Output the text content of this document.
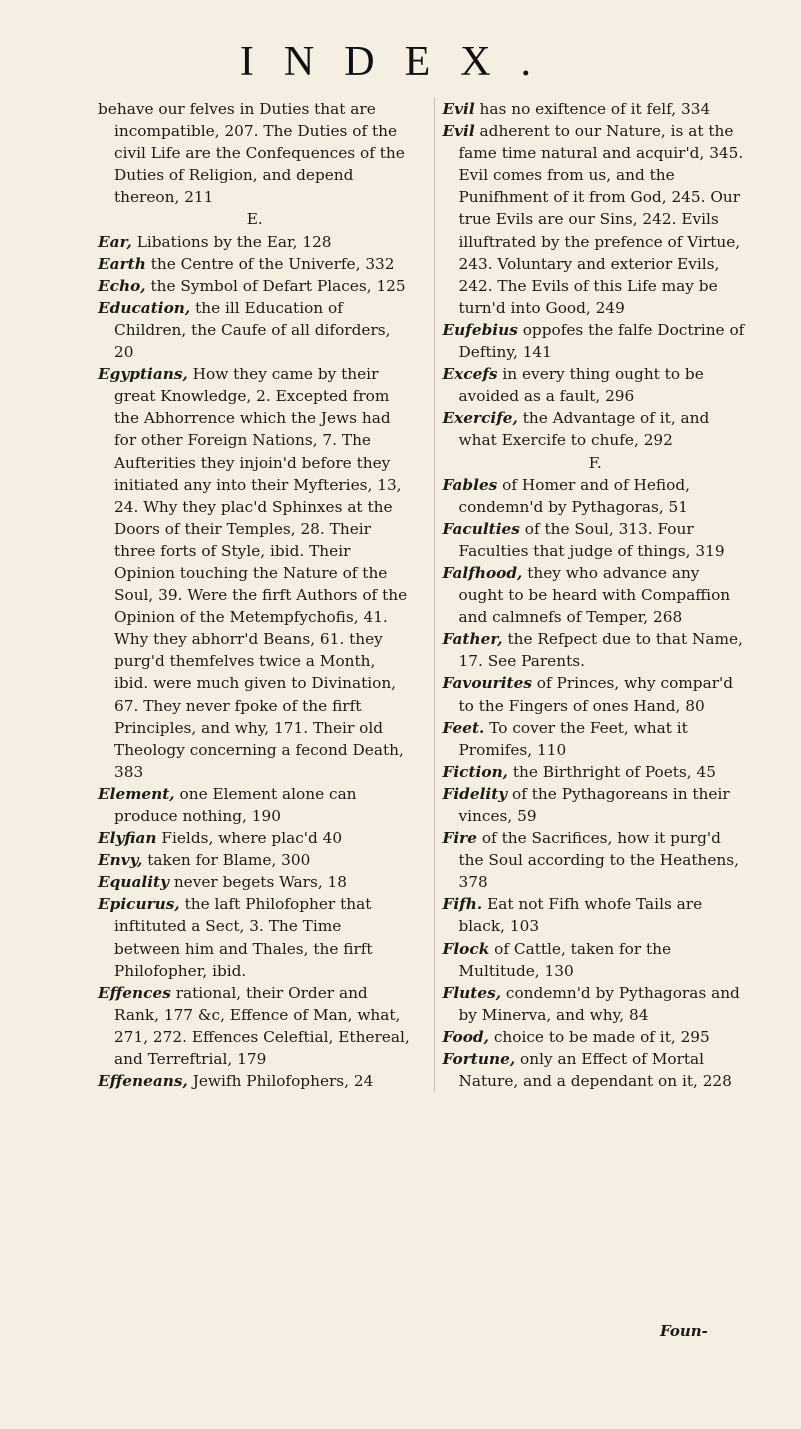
INDEX.

behave our felves in Duties that are incompatible, 207. The Duties of the civil Life are the Confequences of the Duties of Religion, and depend thereon, 211

E.

Ear, Libations by the Ear, 128

Earth the Centre of the Univerfe, 332

Echo, the Symbol of Defart Places, 125

Education, the ill Education of Children, the Caufe of all diforders, 20

Egyptians, How they came by their great Knowledge, 2. Excepted from the Abhorrence which the Jews had for other Foreign Nations, 7. The Aufterities they injoin'd before they initiated any into their Myfteries, 13, 24. Why they plac'd Sphinxes at the Doors of their Temples, 28. Their three forts of Style, ibid. Their Opinion touching the Nature of the Soul, 39. Were the firft Authors of the Opinion of the Metempfychofis, 41. Why they abhorr'd Beans, 61. they purg'd themfelves twice a Month, ibid. were much given to Divination, 67. They never fpoke of the firft Principles, and why, 171. Their old Theology concerning a fecond Death, 383

Element, one Element alone can produce nothing, 190

Elyfian Fields, where plac'd 40

Envy, taken for Blame, 300

Equality never begets Wars, 18

Epicurus, the laft Philofopher that inftituted a Sect, 3. The Time between him and Thales, the firft Philofopher, ibid.

Effences rational, their Order and Rank, 177 &c, Effence of Man, what, 271, 272. Effences Celeftial, Ethereal, and Terreftrial, 179

Effeneans, Jewifh Philofophers, 24

Evil has no exiftence of it felf, 334

Evil adherent to our Nature, is at the fame time natural and acquir'd, 345. Evil comes from us, and the Punifhment of it from God, 245. Our true Evils are our Sins, 242. Evils illuftrated by the prefence of Virtue, 243. Voluntary and exterior Evils, 242. The Evils of this Life may be turn'd into Good, 249

Eufebius oppofes the falfe Doctrine of Deftiny, 141

Excefs in every thing ought to be avoided as a fault, 296

Exercife, the Advantage of it, and what Exercife to chufe, 292

F.

Fables of Homer and of Hefiod, condemn'd by Pythagoras, 51

Faculties of the Soul, 313. Four Faculties that judge of things, 319

Falfhood, they who advance any ought to be heard with Compaffion and calmnefs of Temper, 268

Father, the Refpect due to that Name, 17. See Parents.

Favourites of Princes, why compar'd to the Fingers of ones Hand, 80

Feet. To cover the Feet, what it Promifes, 110

Fiction, the Birthright of Poets, 45

Fidelity of the Pythagoreans in their vinces, 59

Fire of the Sacrifices, how it purg'd the Soul according to the Heathens, 378

Fifh. Eat not Fifh whofe Tails are black, 103

Flock of Cattle, taken for the Multitude, 130

Flutes, condemn'd by Pythagoras and by Minerva, and why, 84

Food, choice to be made of it, 295

Fortune, only an Effect of Mortal Nature, and a dependant on it, 228

Foun-
